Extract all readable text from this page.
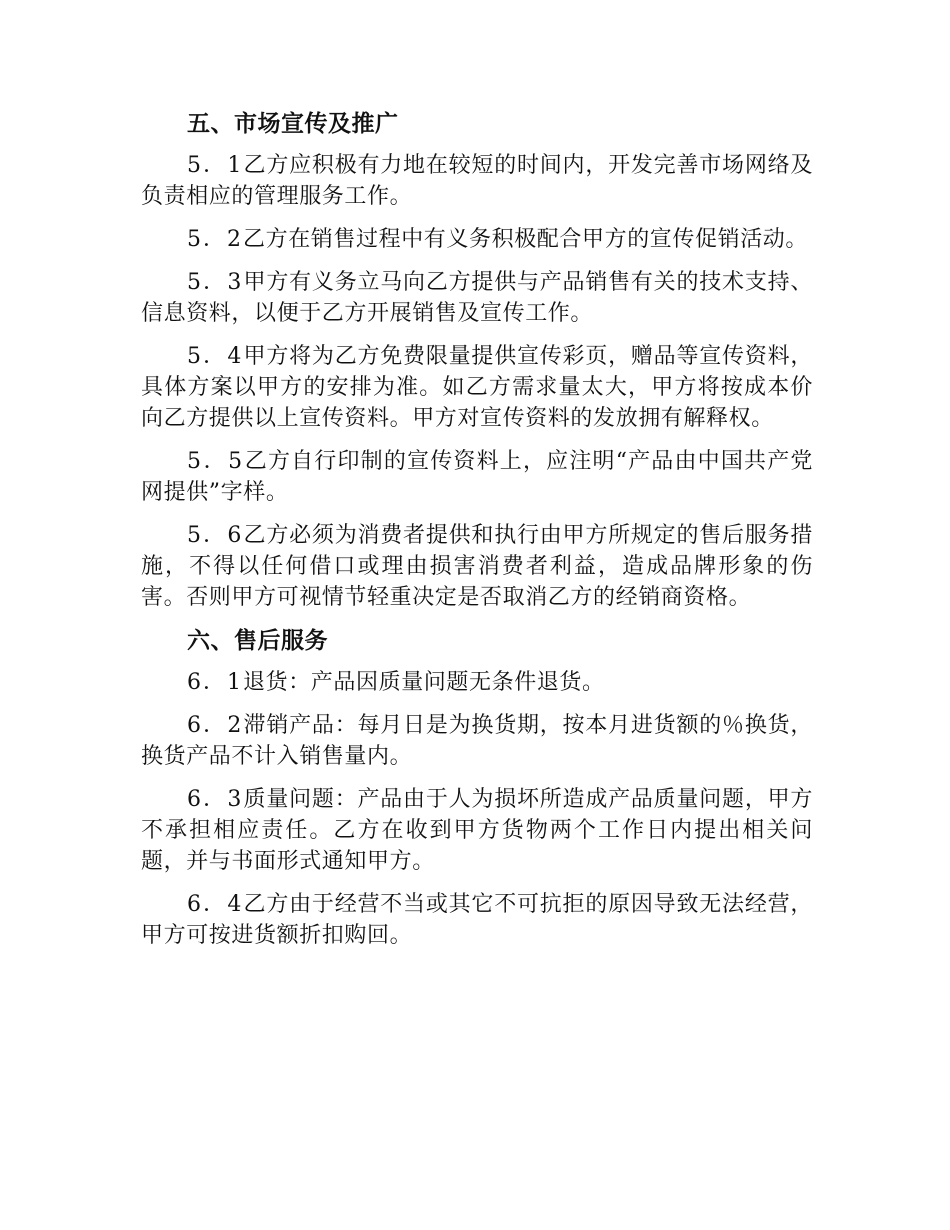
五、市场宣传及推广

5．1乙方应积极有力地在较短的时间内，开发完善市场网络及负责相应的管理服务工作。

5．2乙方在销售过程中有义务积极配合甲方的宣传促销活动。

5．3甲方有义务立马向乙方提供与产品销售有关的技术支持、信息资料，以便于乙方开展销售及宣传工作。

5．4甲方将为乙方免费限量提供宣传彩页，赠品等宣传资料，具体方案以甲方的安排为准。如乙方需求量太大，甲方将按成本价向乙方提供以上宣传资料。甲方对宣传资料的发放拥有解释权。

5．5乙方自行印制的宣传资料上，应注明“产品由中国共产党网提供”字样。

5．6乙方必须为消费者提供和执行由甲方所规定的售后服务措施，不得以任何借口或理由损害消费者利益，造成品牌形象的伤害。否则甲方可视情节轻重决定是否取消乙方的经销商资格。

六、售后服务

6．1退货：产品因质量问题无条件退货。

6．2滞销产品：每月日是为换货期，按本月进货额的％换货，换货产品不计入销售量内。

6．3质量问题：产品由于人为损坏所造成产品质量问题，甲方不承担相应责任。乙方在收到甲方货物两个工作日内提出相关问题，并与书面形式通知甲方。

6．4乙方由于经营不当或其它不可抗拒的原因导致无法经营，甲方可按进货额折扣购回。
